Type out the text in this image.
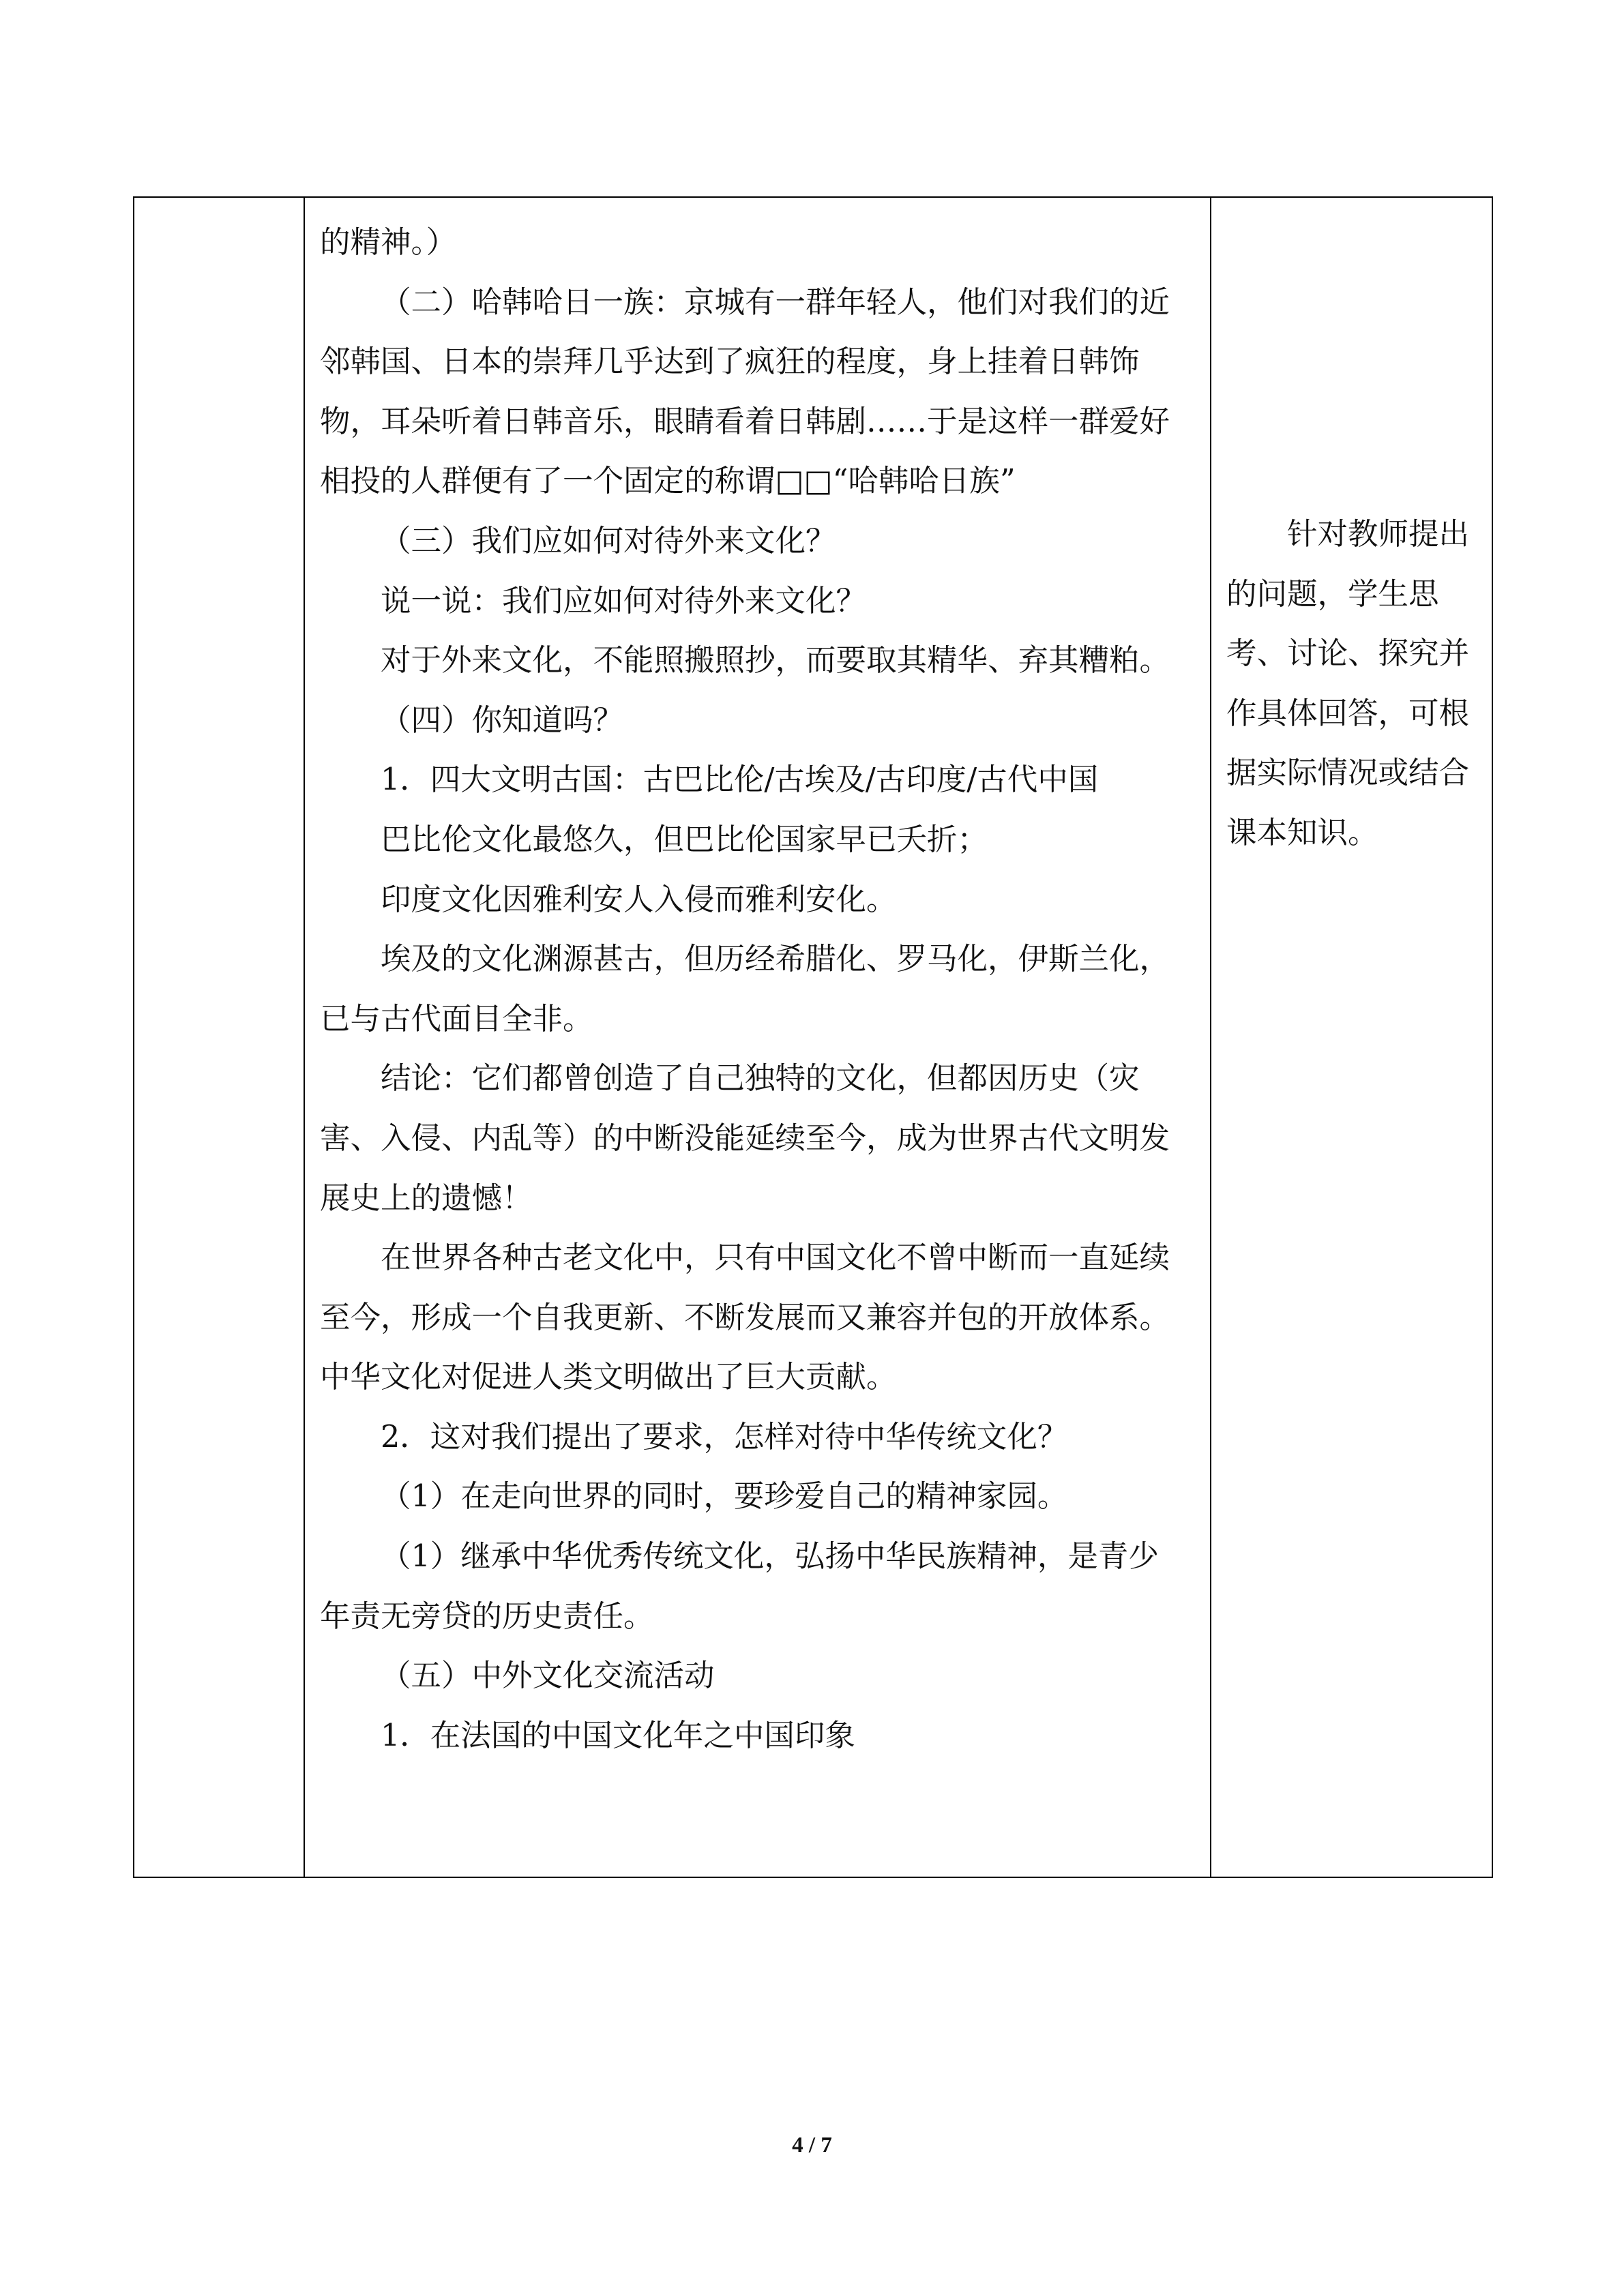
的精神。）

（二）哈韩哈日一族：京城有一群年轻人，他们对我们的近邻韩国、日本的崇拜几乎达到了疯狂的程度，身上挂着日韩饰物，耳朵听着日韩音乐，眼睛看着日韩剧……于是这样一群爱好相投的人群便有了一个固定的称谓□□“哈韩哈日族”

（三）我们应如何对待外来文化？

说一说：我们应如何对待外来文化？

对于外来文化，不能照搬照抄，而要取其精华、弃其糟粕。

（四）你知道吗？

1．四大文明古国：古巴比伦/古埃及/古印度/古代中国

巴比伦文化最悠久，但巴比伦国家早已夭折；

印度文化因雅利安人入侵而雅利安化。

埃及的文化渊源甚古，但历经希腊化、罗马化，伊斯兰化，已与古代面目全非。

结论：它们都曾创造了自己独特的文化，但都因历史（灾害、入侵、内乱等）的中断没能延续至今，成为世界古代文明发展史上的遗憾！

在世界各种古老文化中，只有中国文化不曾中断而一直延续至今，形成一个自我更新、不断发展而又兼容并包的开放体系。中华文化对促进人类文明做出了巨大贡献。

2．这对我们提出了要求，怎样对待中华传统文化？

（1）在走向世界的同时，要珍爱自己的精神家园。

（1）继承中华优秀传统文化，弘扬中华民族精神，是青少年责无旁贷的历史责任。

（五）中外文化交流活动

1．在法国的中国文化年之中国印象

针对教师提出的问题，学生思考、讨论、探究并作具体回答，可根据实际情况或结合课本知识。

4 / 7
